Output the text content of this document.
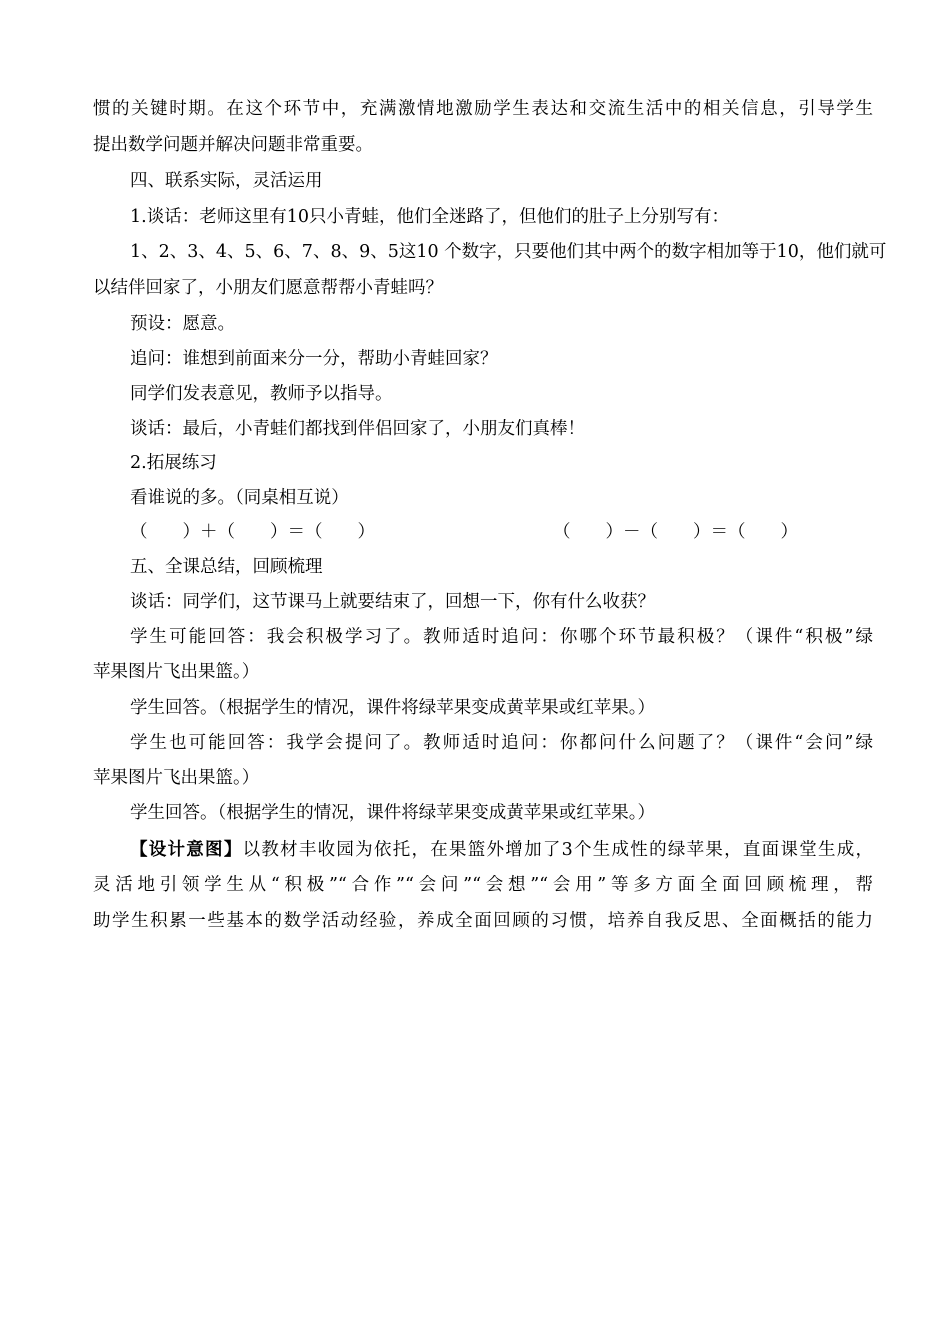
惯的关键时期。在这个环节中，充满激情地激励学生表达和交流生活中的相关信息，引导学生
提出数学问题并解决问题非常重要。
四、联系实际，灵活运用
1.谈话：老师这里有10只小青蛙，他们全迷路了，但他们的肚子上分别写有：
1、2、3、4、5、6、7、8、9、5这10 个数字，只要他们其中两个的数字相加等于10，他们就可
以结伴回家了，小朋友们愿意帮帮小青蛙吗？
预设：愿意。
追问：谁想到前面来分一分，帮助小青蛙回家？
同学们发表意见，教师予以指导。
谈话：最后，小青蛙们都找到伴侣回家了，小朋友们真棒！
2.拓展练习
看谁说的多。（同桌相互说）
（　　）＋（　　）＝（　　）	（　　）－（　　）＝（　　）
五、全课总结，回顾梳理
谈话：同学们，这节课马上就要结束了，回想一下，你有什么收获？
学生可能回答：我会积极学习了。教师适时追问：你哪个环节最积极？（课件“积极”绿
苹果图片飞出果篮。）
学生回答。（根据学生的情况，课件将绿苹果变成黄苹果或红苹果。）
学生也可能回答：我学会提问了。教师适时追问：你都问什么问题了？（课件“会问”绿
苹果图片飞出果篮。）
学生回答。（根据学生的情况，课件将绿苹果变成黄苹果或红苹果。）
【设计意图】以教材丰收园为依托，在果篮外增加了3个生成性的绿苹果，直面课堂生成，
灵活地引领学生从“积极”“合作”“会问”“会想”“会用”等多方面全面回顾梳理，帮
助学生积累一些基本的数学活动经验，养成全面回顾的习惯，培养自我反思、全面概括的能力
